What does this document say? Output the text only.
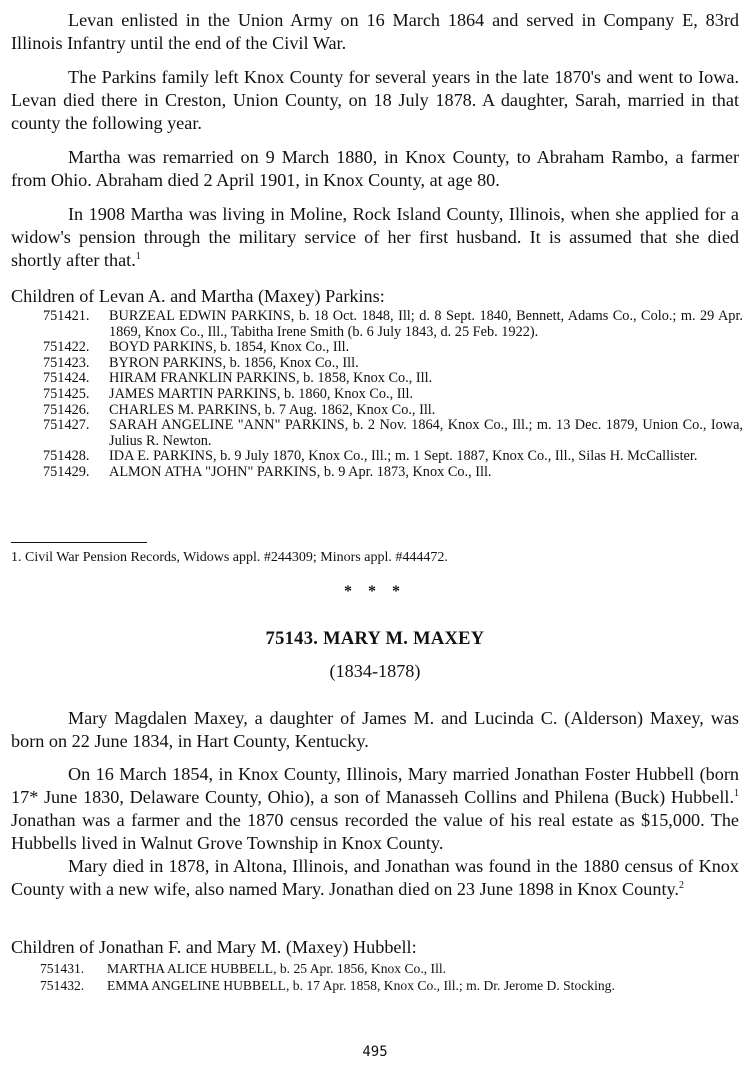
Levan enlisted in the Union Army on 16 March 1864 and served in Company E, 83rd Illinois Infantry until the end of the Civil War.

The Parkins family left Knox County for several years in the late 1870's and went to Iowa. Levan died there in Creston, Union County, on 18 July 1878. A daughter, Sarah, married in that county the following year.

Martha was remarried on 9 March 1880, in Knox County, to Abraham Rambo, a farmer from Ohio. Abraham died 2 April 1901, in Knox County, at age 80.

In 1908 Martha was living in Moline, Rock Island County, Illinois, when she applied for a widow's pension through the military service of her first husband. It is assumed that she died shortly after that.$^1$

Children of Levan A. and Martha (Maxey) Parkins:

751421.	BURZEAL EDWIN PARKINS, b. 18 Oct. 1848, Ill; d. 8 Sept. 1840, Bennett, Adams Co., Colo.; m. 29 Apr. 1869, Knox Co., Ill., Tabitha Irene Smith (b. 6 July 1843, d. 25 Feb. 1922).
751422.	BOYD PARKINS, b. 1854, Knox Co., Ill.
751423.	BYRON PARKINS, b. 1856, Knox Co., Ill.
751424.	HIRAM FRANKLIN PARKINS, b. 1858, Knox Co., Ill.
751425.	JAMES MARTIN PARKINS, b. 1860, Knox Co., Ill.
751426.	CHARLES M. PARKINS, b. 7 Aug. 1862, Knox Co., Ill.
751427.	SARAH ANGELINE "ANN" PARKINS, b. 2 Nov. 1864, Knox Co., Ill.; m. 13 Dec. 1879, Union Co., Iowa, Julius R. Newton.
751428.	IDA E. PARKINS, b. 9 July 1870, Knox Co., Ill.; m. 1 Sept. 1887, Knox Co., Ill., Silas H. McCallister.
751429.	ALMON ATHA "JOHN" PARKINS, b. 9 Apr. 1873, Knox Co., Ill.

1. Civil War Pension Records, Widows appl. #244309; Minors appl. #444472.

* * *

75143. MARY M. MAXEY

(1834-1878)

Mary Magdalen Maxey, a daughter of James M. and Lucinda C. (Alderson) Maxey, was born on 22 June 1834, in Hart County, Kentucky.

On 16 March 1854, in Knox County, Illinois, Mary married Jonathan Foster Hubbell (born 17* June 1830, Delaware County, Ohio), a son of Manasseh Collins and Philena (Buck) Hubbell.$^1$ Jonathan was a farmer and the 1870 census recorded the value of his real estate as $15,000. The Hubbells lived in Walnut Grove Township in Knox County.

Mary died in 1878, in Altona, Illinois, and Jonathan was found in the 1880 census of Knox County with a new wife, also named Mary. Jonathan died on 23 June 1898 in Knox County.$^2$

Children of Jonathan F. and Mary M. (Maxey) Hubbell:

751431.	MARTHA ALICE HUBBELL, b. 25 Apr. 1856, Knox Co., Ill.
751432.	EMMA ANGELINE HUBBELL, b. 17 Apr. 1858, Knox Co., Ill.; m. Dr. Jerome D. Stocking.

495
